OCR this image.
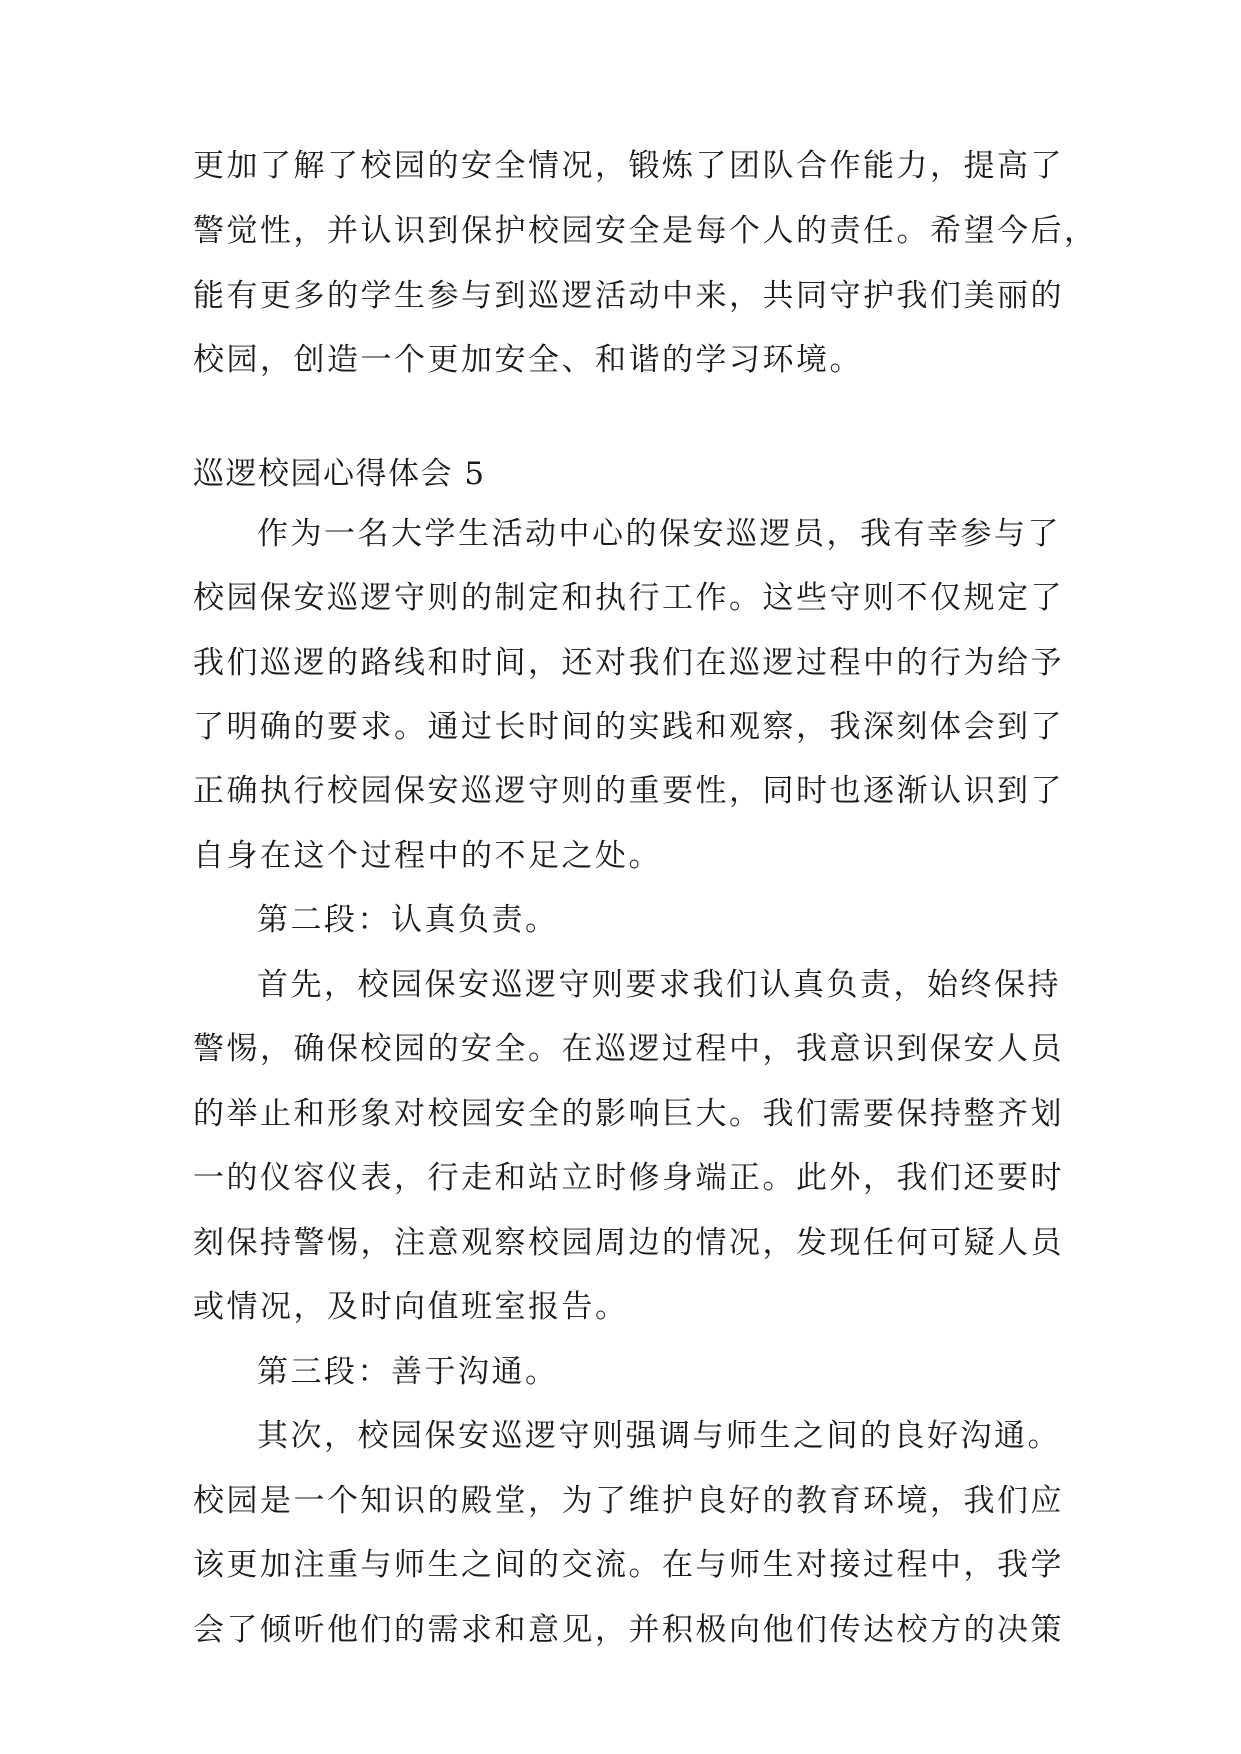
更加了解了校园的安全情况，锻炼了团队合作能力，提高了
警觉性，并认识到保护校园安全是每个人的责任。希望今后，
能有更多的学生参与到巡逻活动中来，共同守护我们美丽的
校园，创造一个更加安全、和谐的学习环境。
巡逻校园心得体会 5
作为一名大学生活动中心的保安巡逻员，我有幸参与了
校园保安巡逻守则的制定和执行工作。这些守则不仅规定了
我们巡逻的路线和时间，还对我们在巡逻过程中的行为给予
了明确的要求。通过长时间的实践和观察，我深刻体会到了
正确执行校园保安巡逻守则的重要性，同时也逐渐认识到了
自身在这个过程中的不足之处。
第二段：认真负责。
首先，校园保安巡逻守则要求我们认真负责，始终保持
警惕，确保校园的安全。在巡逻过程中，我意识到保安人员
的举止和形象对校园安全的影响巨大。我们需要保持整齐划
一的仪容仪表，行走和站立时修身端正。此外，我们还要时
刻保持警惕，注意观察校园周边的情况，发现任何可疑人员
或情况，及时向值班室报告。
第三段：善于沟通。
其次，校园保安巡逻守则强调与师生之间的良好沟通。
校园是一个知识的殿堂，为了维护良好的教育环境，我们应
该更加注重与师生之间的交流。在与师生对接过程中，我学
会了倾听他们的需求和意见，并积极向他们传达校方的决策
